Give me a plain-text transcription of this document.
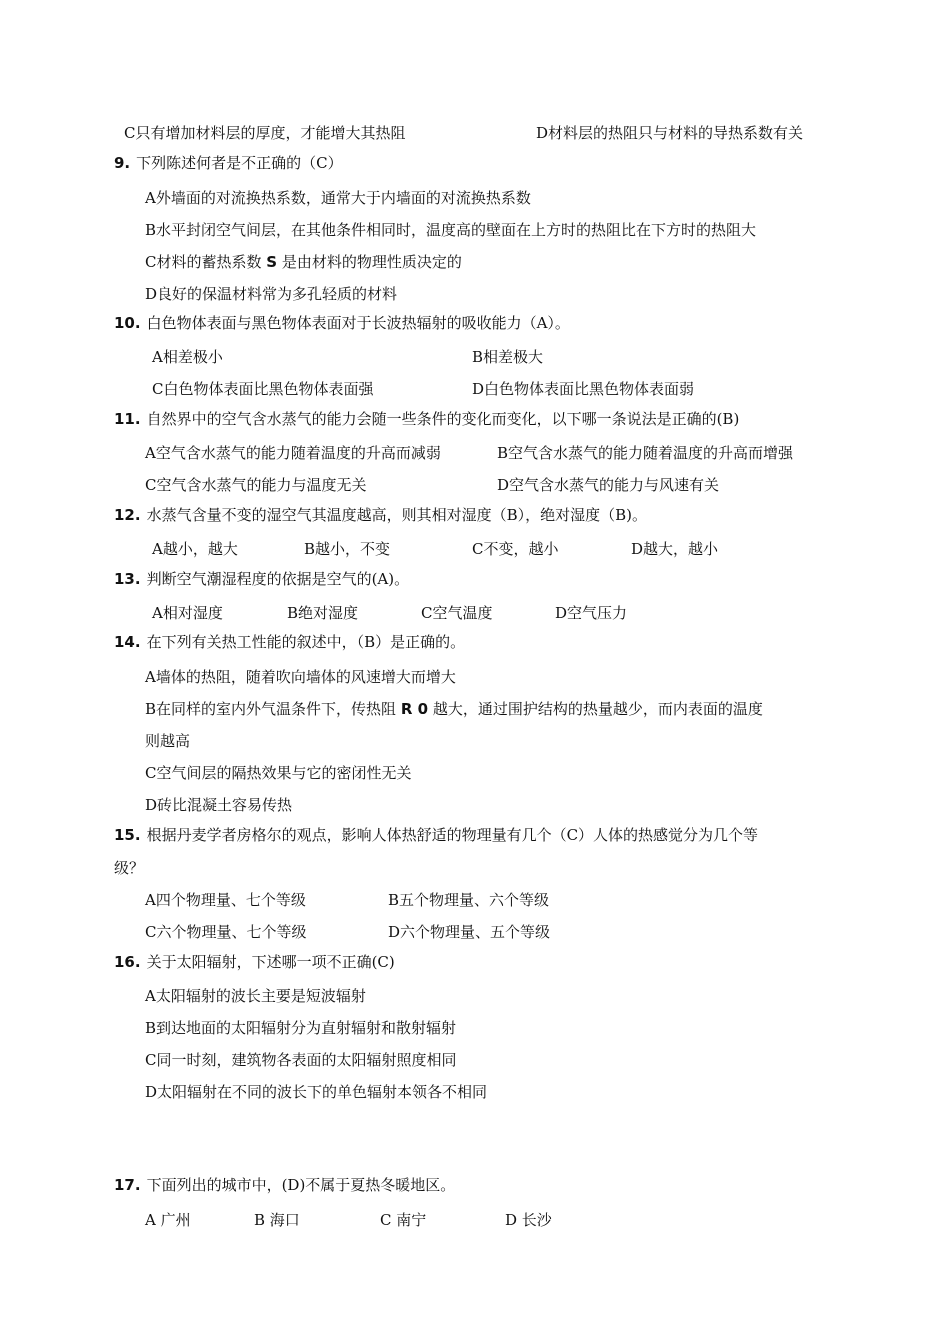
C只有增加材料层的厚度，才能增大其热阻	D材料层的热阻只与材料的导热系数有关
9. 下列陈述何者是不正确的（C）
A外墙面的对流换热系数，通常大于内墙面的对流换热系数
B水平封闭空气间层，在其他条件相同时，温度高的壁面在上方时的热阻比在下方时的热阻大
C材料的蓄热系数 S 是由材料的物理性质决定的
D良好的保温材料常为多孔轻质的材料
10. 白色物体表面与黑色物体表面对于长波热辐射的吸收能力（A）。
A相差极小	B相差极大
C白色物体表面比黑色物体表面强	D白色物体表面比黑色物体表面弱
11. 自然界中的空气含水蒸气的能力会随一些条件的变化而变化，以下哪一条说法是正确的(B)
A空气含水蒸气的能力随着温度的升高而减弱	B空气含水蒸气的能力随着温度的升高而增强
C空气含水蒸气的能力与温度无关	D空气含水蒸气的能力与风速有关
12. 水蒸气含量不变的湿空气其温度越高，则其相对湿度（B），绝对湿度（B)。
A越小，越大	B越小，不变	C不变，越小	D越大，越小
13. 判断空气潮湿程度的依据是空气的(A)。
A相对湿度	B绝对湿度	C空气温度	D空气压力
14. 在下列有关热工性能的叙述中，（B）是正确的。
A墙体的热阻，随着吹向墙体的风速增大而增大
B在同样的室内外气温条件下，传热阻 R 0 越大，通过围护结构的热量越少，而内表面的温度
则越高
C空气间层的隔热效果与它的密闭性无关
D砖比混凝土容易传热
15. 根据丹麦学者房格尔的观点，影响人体热舒适的物理量有几个（C）人体的热感觉分为几个等
级？
A四个物理量、七个等级	B五个物理量、六个等级
C六个物理量、七个等级	D六个物理量、五个等级
16. 关于太阳辐射，下述哪一项不正确(C)
A太阳辐射的波长主要是短波辐射
B到达地面的太阳辐射分为直射辐射和散射辐射
C同一时刻，建筑物各表面的太阳辐射照度相同
D太阳辐射在不同的波长下的单色辐射本领各不相同
17. 下面列出的城市中，(D)不属于夏热冬暖地区。
A 广州	B 海口	C 南宁	D 长沙
